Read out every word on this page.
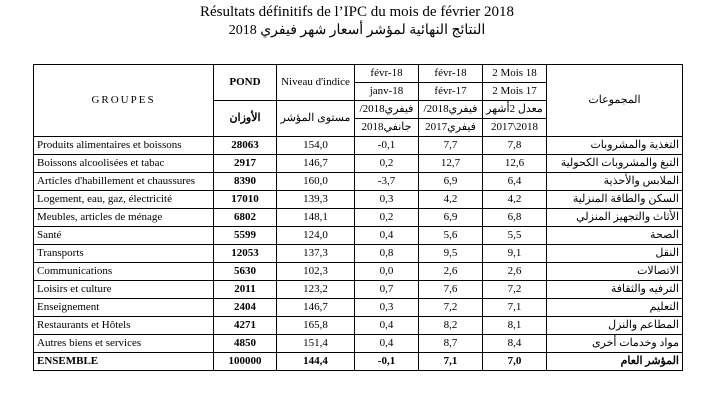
Résultats définitifs de l’IPC du mois de février 2018
النتائج النهائية لمؤشر أسعار شهر فيفري 2018
GROUPES	POND	Niveau d'indice	févr-18	févr-18	2 Mois 18	المجموعات
			janv-18	févr-17	2 Mois 17	
	الأوزان	مستوى المؤشر	فيفري2018/	فيفري2018/	معدل 2أشهر	
			جانفي2018	فيفري2017	2017\2018	
Produits alimentaires et boissons	28063	154,0	-0,1	7,7	7,8	التغذية والمشروبات
Boissons alcoolisées et tabac	2917	146,7	0,2	12,7	12,6	التبغ والمشروبات الكحولية
Articles d'habillement et chaussures	8390	160,0	-3,7	6,9	6,4	الملابس والأحذية
Logement, eau, gaz, électricité	17010	139,3	0,3	4,2	4,2	السكن والطاقة المنزلية
Meubles, articles de ménage	6802	148,1	0,2	6,9	6,8	الأثاث والتجهيز المنزلي
Santé	5599	124,0	0,4	5,6	5,5	الصحة
Transports	12053	137,3	0,8	9,5	9,1	النقل
Communications	5630	102,3	0,0	2,6	2,6	الاتصالات
Loisirs et culture	2011	123,2	0,7	7,6	7,2	الترفيه والثقافة
Enseignement	2404	146,7	0,3	7,2	7,1	التعليم
Restaurants et Hôtels	4271	165,8	0,4	8,2	8,1	المطاعم والنزل
Autres biens et services	4850	151,4	0,4	8,7	8,4	مواد وخدمات أخرى
ENSEMBLE	100000	144,4	-0,1	7,1	7,0	المؤشر العام
